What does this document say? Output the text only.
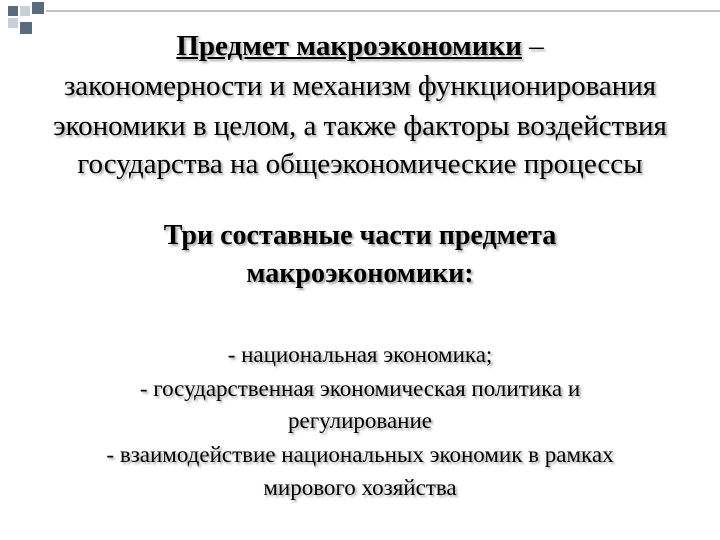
Предмет макроэкономики –
закономерности и механизм функционирования
экономики в целом, а также факторы воздействия
государства на общеэкономические процессы
Три составные части предмета
макроэкономики:
- национальная экономика;
- государственная экономическая политика и
регулирование
- взаимодействие национальных экономик в рамках
мирового хозяйства
